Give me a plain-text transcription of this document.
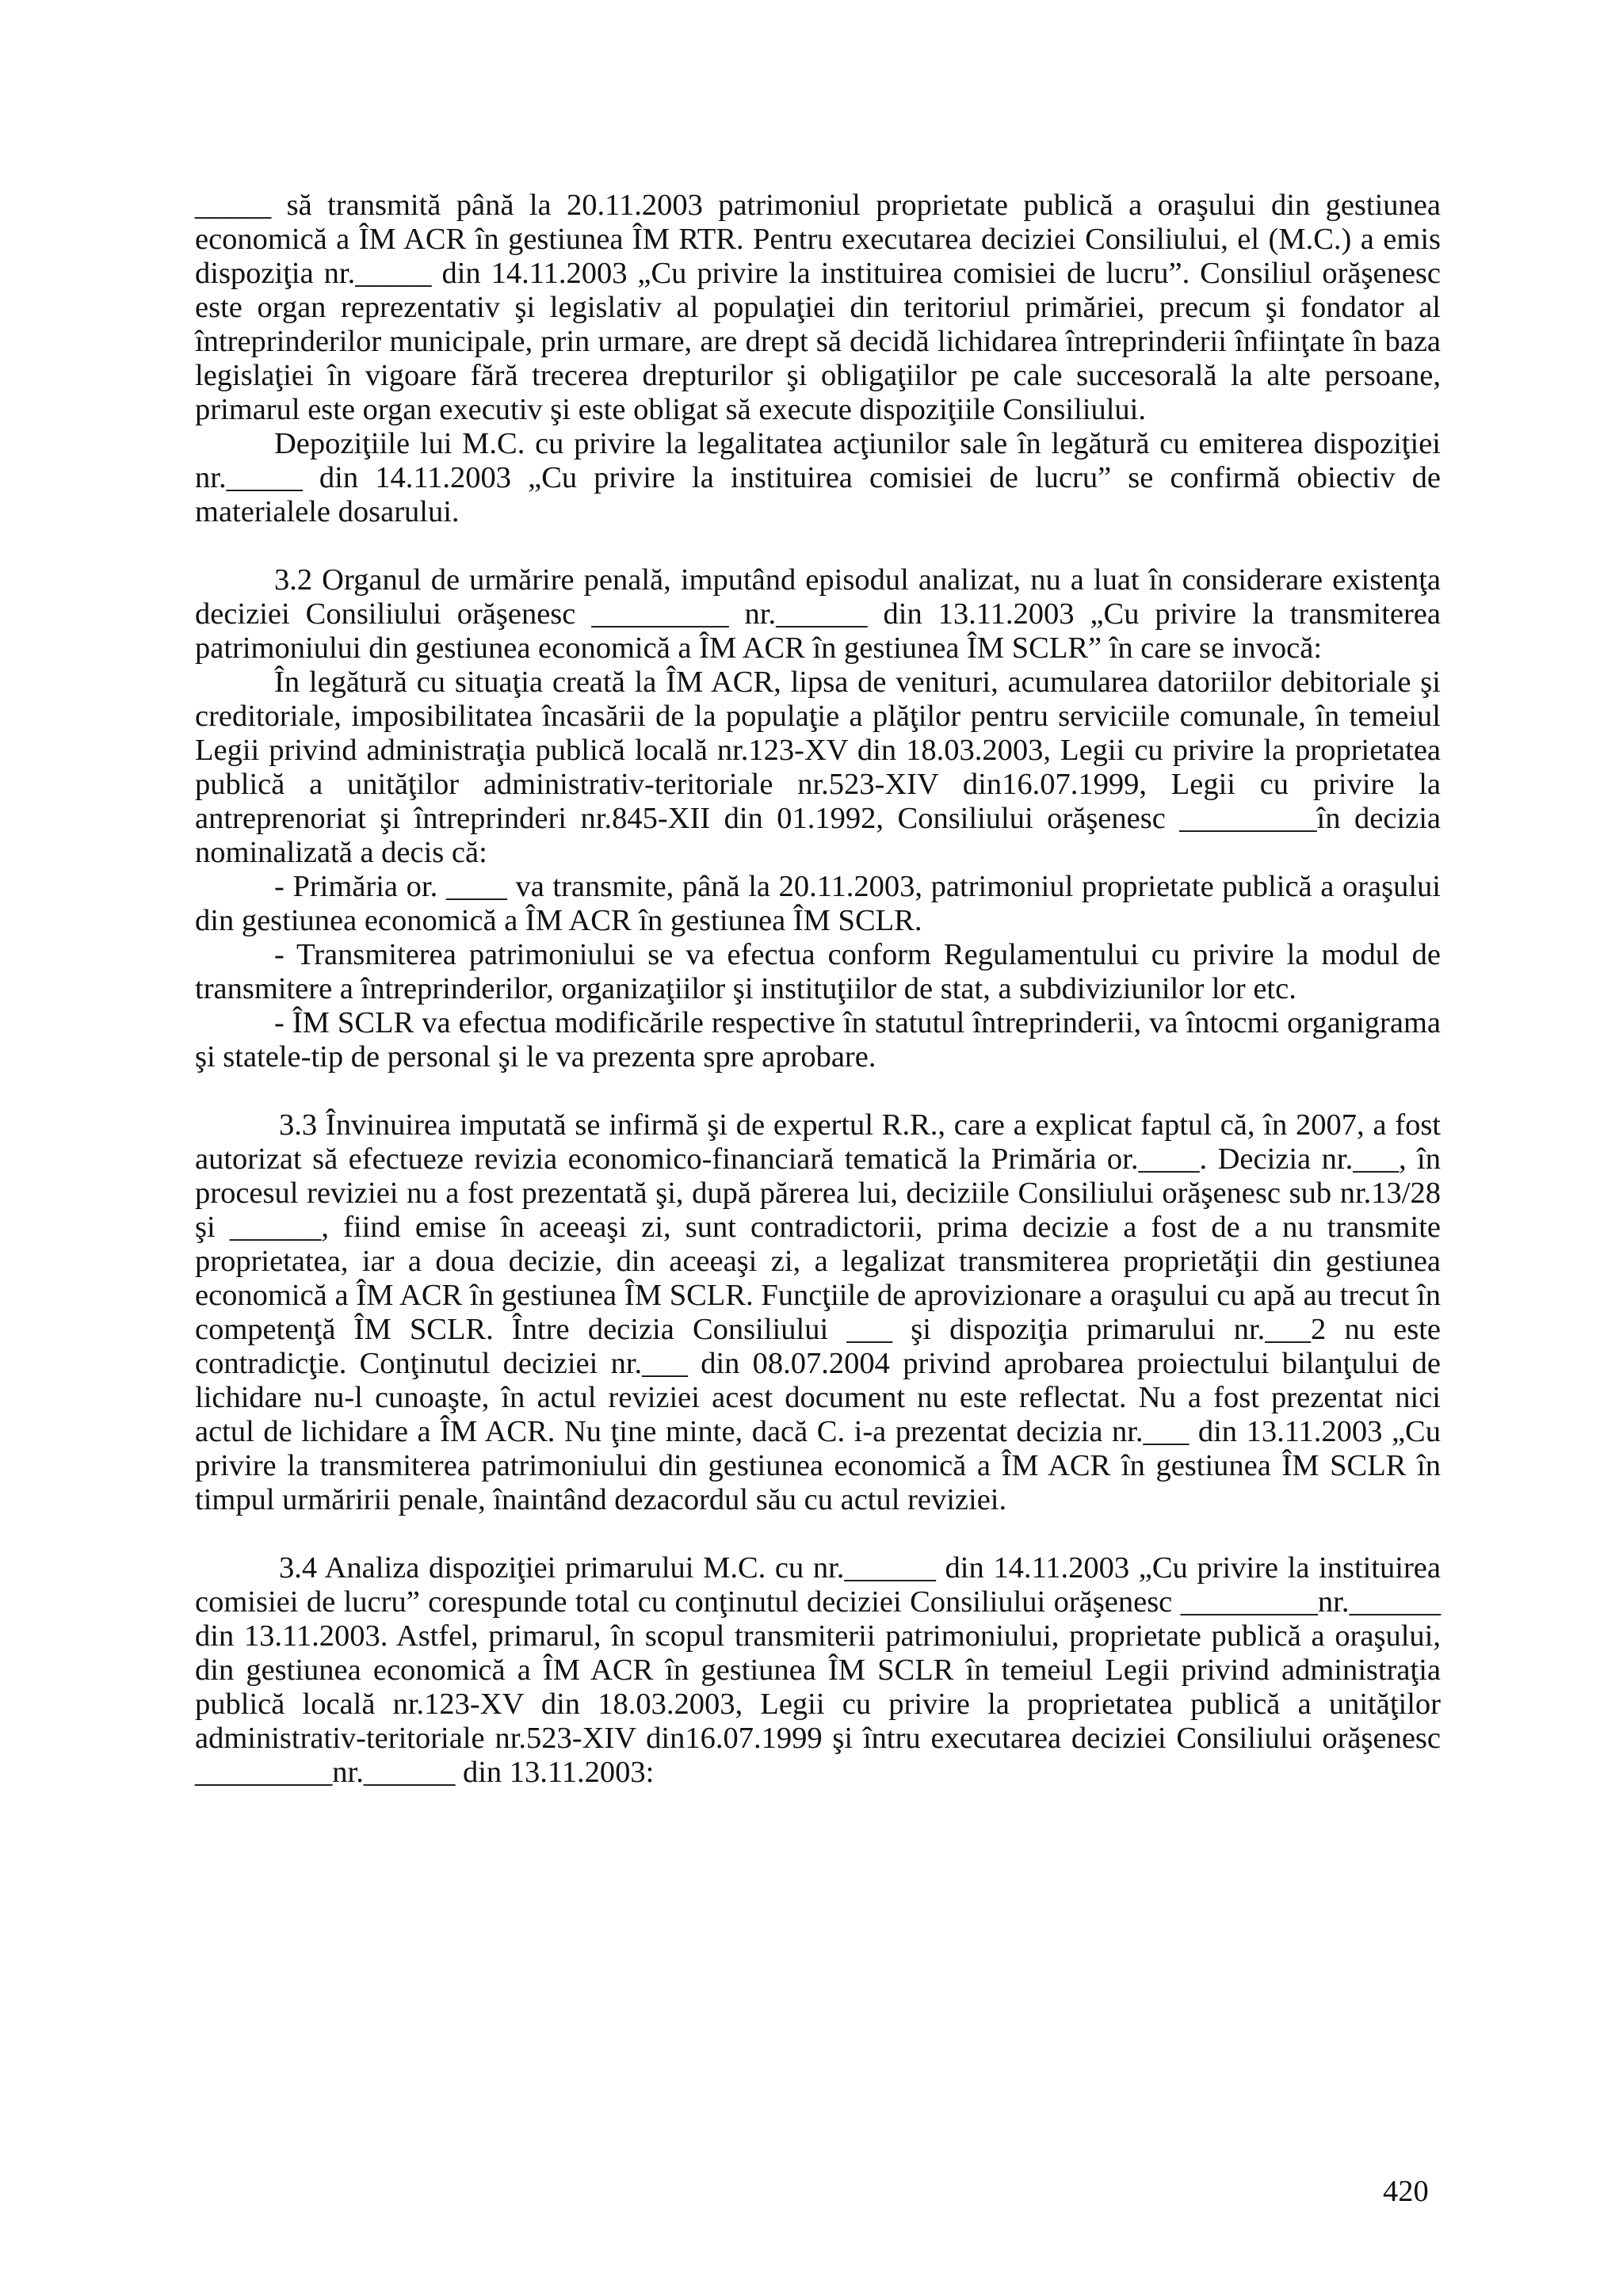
_____ să transmită până la 20.11.2003 patrimoniul proprietate publică a oraşului din gestiunea economică a ÎM ACR în gestiunea ÎM RTR. Pentru executarea deciziei Consiliului, el (M.C.) a emis dispoziţia nr._____ din 14.11.2003 „Cu privire la instituirea comisiei de lucru”. Consiliul orăşenesc este organ reprezentativ şi legislativ al populaţiei din teritoriul primăriei, precum şi fondator al întreprinderilor municipale, prin urmare, are drept să decidă lichidarea întreprinderii înfiinţate în baza legislaţiei în vigoare fără trecerea drepturilor şi obligaţiilor pe cale succesorală la alte persoane, primarul este organ executiv şi este obligat să execute dispoziţiile Consiliului.

Depoziţiile lui M.C. cu privire la legalitatea acţiunilor sale în legătură cu emiterea dispoziţiei nr._____ din 14.11.2003 „Cu privire la instituirea comisiei de lucru” se confirmă obiectiv de materialele dosarului.

3.2 Organul de urmărire penală, imputând episodul analizat, nu a luat în considerare existenţa deciziei Consiliului orăşenesc _________ nr.______ din 13.11.2003 „Cu privire la transmiterea patrimoniului din gestiunea economică a ÎM ACR în gestiunea ÎM SCLR” în care se invocă:

În legătură cu situaţia creată la ÎM ACR, lipsa de venituri, acumularea datoriilor debitoriale şi creditoriale, imposibilitatea încasării de la populaţie a plăţilor pentru serviciile comunale, în temeiul Legii privind administraţia publică locală nr.123-XV din 18.03.2003, Legii cu privire la proprietatea publică a unităţilor administrativ-teritoriale nr.523-XIV din16.07.1999, Legii cu privire la antreprenoriat şi întreprinderi nr.845-XII din 01.1992, Consiliului orăşenesc _________în decizia nominalizată a decis că:

- Primăria or. ____ va transmite, până la 20.11.2003, patrimoniul proprietate publică a oraşului din gestiunea economică a ÎM ACR în gestiunea ÎM SCLR.

- Transmiterea patrimoniului se va efectua conform Regulamentului cu privire la modul de transmitere a întreprinderilor, organizaţiilor şi instituţiilor de stat, a subdiviziunilor lor etc.

- ÎM SCLR va efectua modificările respective în statutul întreprinderii, va întocmi organigrama şi statele-tip de personal şi le va prezenta spre aprobare.

3.3 Învinuirea imputată se infirmă şi de expertul R.R., care a explicat faptul că, în 2007, a fost autorizat să efectueze revizia economico-financiară tematică la Primăria or.____. Decizia nr.___, în procesul reviziei nu a fost prezentată şi, după părerea lui, deciziile Consiliului orăşenesc sub nr.13/28 şi ______, fiind emise în aceeaşi zi, sunt contradictorii, prima decizie a fost de a nu transmite proprietatea, iar a doua decizie, din aceeaşi zi, a legalizat transmiterea proprietăţii din gestiunea economică a ÎM ACR în gestiunea ÎM SCLR. Funcţiile de aprovizionare a oraşului cu apă au trecut în competenţă ÎM SCLR. Între decizia Consiliului ___ şi dispoziţia primarului nr.___2 nu este contradicţie. Conţinutul deciziei nr.___ din 08.07.2004 privind aprobarea proiectului bilanţului de lichidare nu-l cunoaşte, în actul reviziei acest document nu este reflectat. Nu a fost prezentat nici actul de lichidare a ÎM ACR. Nu ţine minte, dacă C. i-a prezentat decizia nr.___ din 13.11.2003 „Cu privire la transmiterea patrimoniului din gestiunea economică a ÎM ACR în gestiunea ÎM SCLR în timpul urmăririi penale, înaintând dezacordul său cu actul reviziei.

3.4 Analiza dispoziţiei primarului M.C. cu nr.______ din 14.11.2003 „Cu privire la instituirea comisiei de lucru” corespunde total cu conţinutul deciziei Consiliului orăşenesc _________nr.______ din 13.11.2003. Astfel, primarul, în scopul transmiterii patrimoniului, proprietate publică a oraşului, din gestiunea economică a ÎM ACR în gestiunea ÎM SCLR în temeiul Legii privind administraţia publică locală nr.123-XV din 18.03.2003, Legii cu privire la proprietatea publică a unităţilor administrativ-teritoriale nr.523-XIV din16.07.1999 şi întru executarea deciziei Consiliului orăşenesc _________nr.______ din 13.11.2003:

420
